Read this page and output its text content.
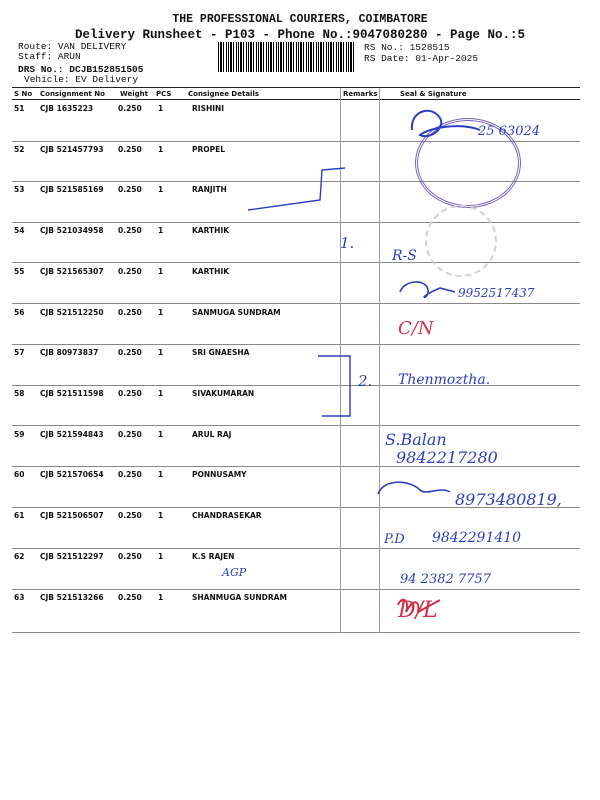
THE PROFESSIONAL COURIERS, COIMBATORE
Delivery Runsheet - P103 - Phone No.:9047080280 - Page No.:5
Route: VAN DELIVERY
Staff: ARUN
DRS No.: DCJB152851505
Vehicle: EV Delivery
RS No.: 1528515
RS Date: 01-Apr-2025
S No Consignment No Weight PCS Consignee Details	Remarks	Seal & Signature
51 CJB 1635223	0.250 1	RISHINI
52 CJB 521457793 0.250 1	PROPEL
53 CJB 521585169 0.250 1	RANJITH
54 CJB 521034958 0.250 1	KARTHIK
55 CJB 521565307 0.250 1	KARTHIK
56 CJB 521512250 0.250 1	SANMUGA SUNDRAM
57 CJB 80973837	0.250 1	SRI GNAESHA
58 CJB 521511598 0.250 1	SIVAKUMARAN
59 CJB 521594843 0.250 1	ARUL RAJ
60 CJB 521570654 0.250 1	PONNUSAMY
61 CJB 521506507 0.250 1	CHANDRASEKAR
62 CJB 521512297 0.250 1	K.S RAJEN
63 CJB 521513266 0.250 1	SHANMUGA SUNDRAM
25 63024
1.
2.
R-S
9952517437
C/N
Thenmoztha.
S.Balan
9842217280
8973480819,
P.D 9842291410
AGP	94 2382 7757
D/L
